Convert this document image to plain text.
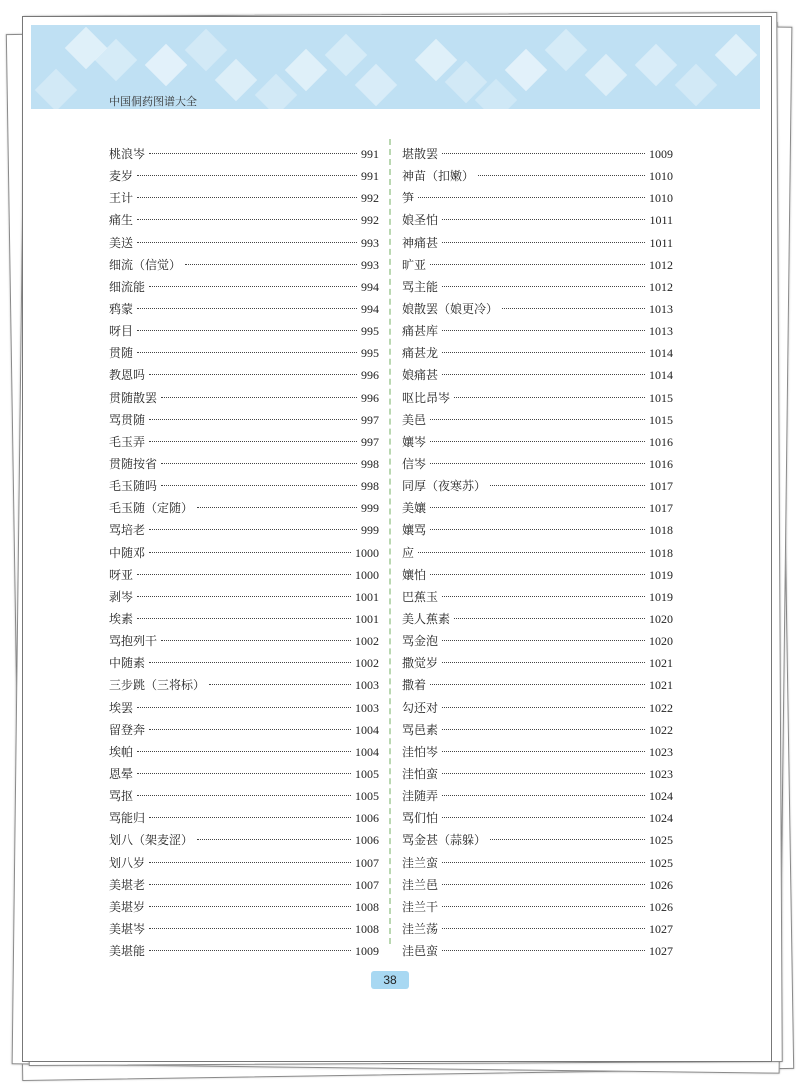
中国侗药图谱大全
桃浪岑	991
麦岁	991
王计	992
痛生	992
美送	993
细流（信觉）	993
细流能	994
鸦蒙	994
呀目	995
贯随	995
教恩吗	996
贯随散罢	996
骂贯随	997
毛玉弄	997
贯随按省	998
毛玉随吗	998
毛玉随（定随）	999
骂培老	999
中随邓	1000
呀亚	1000
剥岑	1001
埃素	1001
骂抱列干	1002
中随素	1002
三步跳（三将标）	1003
埃罢	1003
留登奔	1004
埃帕	1004
恩晕	1005
骂抠	1005
骂能归	1006
划八（架麦涩）	1006
划八岁	1007
美堪老	1007
美堪岁	1008
美堪岑	1008
美堪能	1009
堪散罢	1009
神苗（扣嫩）	1010
笋	1010
娘圣怕	1011
神痛甚	1011
旷亚	1012
骂主能	1012
娘散罢（娘更冷）	1013
痛甚库	1013
痛甚龙	1014
娘痛甚	1014
呕比昂岑	1015
美邑	1015
孃岑	1016
信岑	1016
同厚（夜寒苏）	1017
美孃	1017
孃骂	1018
应	1018
孃怕	1019
巴蕉玉	1019
美人蕉素	1020
骂金泡	1020
撒觉岁	1021
撒着	1021
勾还对	1022
骂邑素	1022
洼怕岑	1023
洼怕蛮	1023
洼随弄	1024
骂们怕	1024
骂金甚（蒜躲）	1025
洼兰蛮	1025
洼兰邑	1026
洼兰干	1026
洼兰荡	1027
洼邑蛮	1027
38
